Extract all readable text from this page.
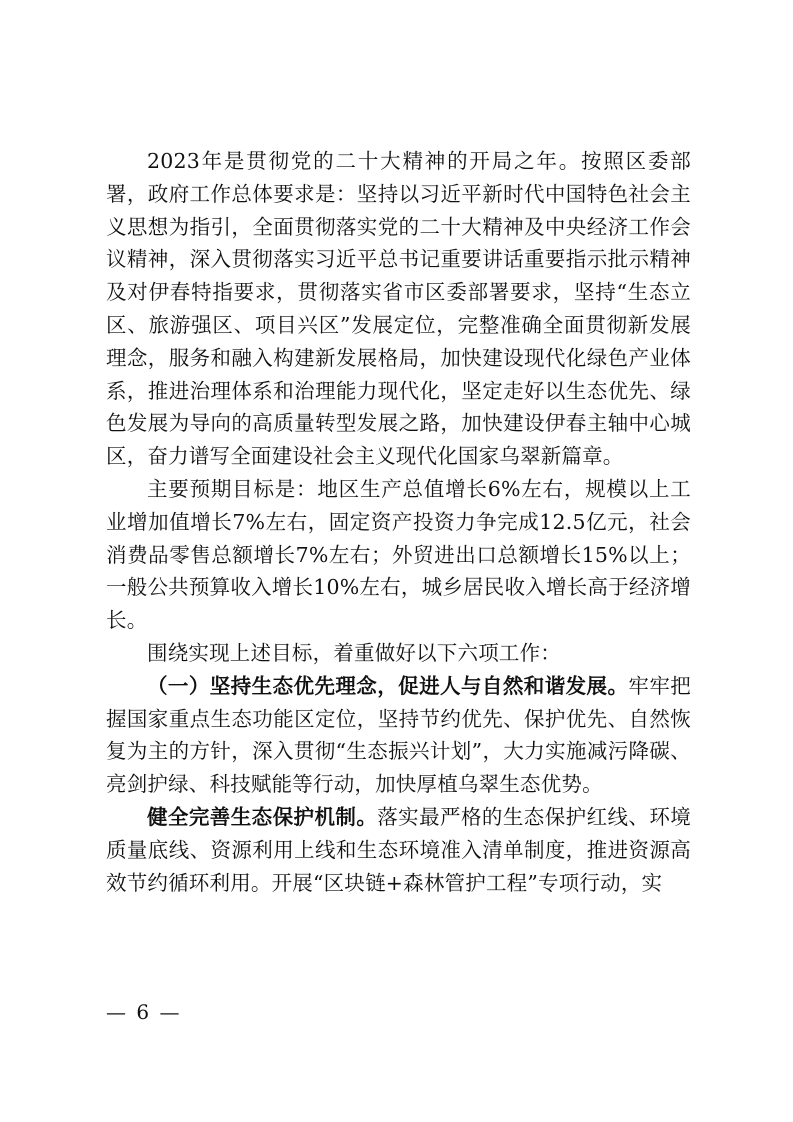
2023年是贯彻党的二十大精神的开局之年。按照区委部署，政府工作总体要求是：坚持以习近平新时代中国特色社会主义思想为指引，全面贯彻落实党的二十大精神及中央经济工作会议精神，深入贯彻落实习近平总书记重要讲话重要指示批示精神及对伊春特指要求，贯彻落实省市区委部署要求，坚持“生态立区、旅游强区、项目兴区”发展定位，完整准确全面贯彻新发展理念，服务和融入构建新发展格局，加快建设现代化绿色产业体系，推进治理体系和治理能力现代化，坚定走好以生态优先、绿色发展为导向的高质量转型发展之路，加快建设伊春主轴中心城区，奋力谱写全面建设社会主义现代化国家乌翠新篇章。

主要预期目标是：地区生产总值增长6%左右，规模以上工业增加值增长7%左右，固定资产投资力争完成12.5亿元，社会消费品零售总额增长7%左右；外贸进出口总额增长15%以上；一般公共预算收入增长10%左右，城乡居民收入增长高于经济增长。

围绕实现上述目标，着重做好以下六项工作：

（一）坚持生态优先理念，促进人与自然和谐发展。牢牢把握国家重点生态功能区定位，坚持节约优先、保护优先、自然恢复为主的方针，深入贯彻“生态振兴计划”，大力实施减污降碳、亮剑护绿、科技赋能等行动，加快厚植乌翠生态优势。

健全完善生态保护机制。落实最严格的生态保护红线、环境质量底线、资源利用上线和生态环境准入清单制度，推进资源高效节约循环利用。开展“区块链+森林管护工程”专项行动，实

— 6 —
